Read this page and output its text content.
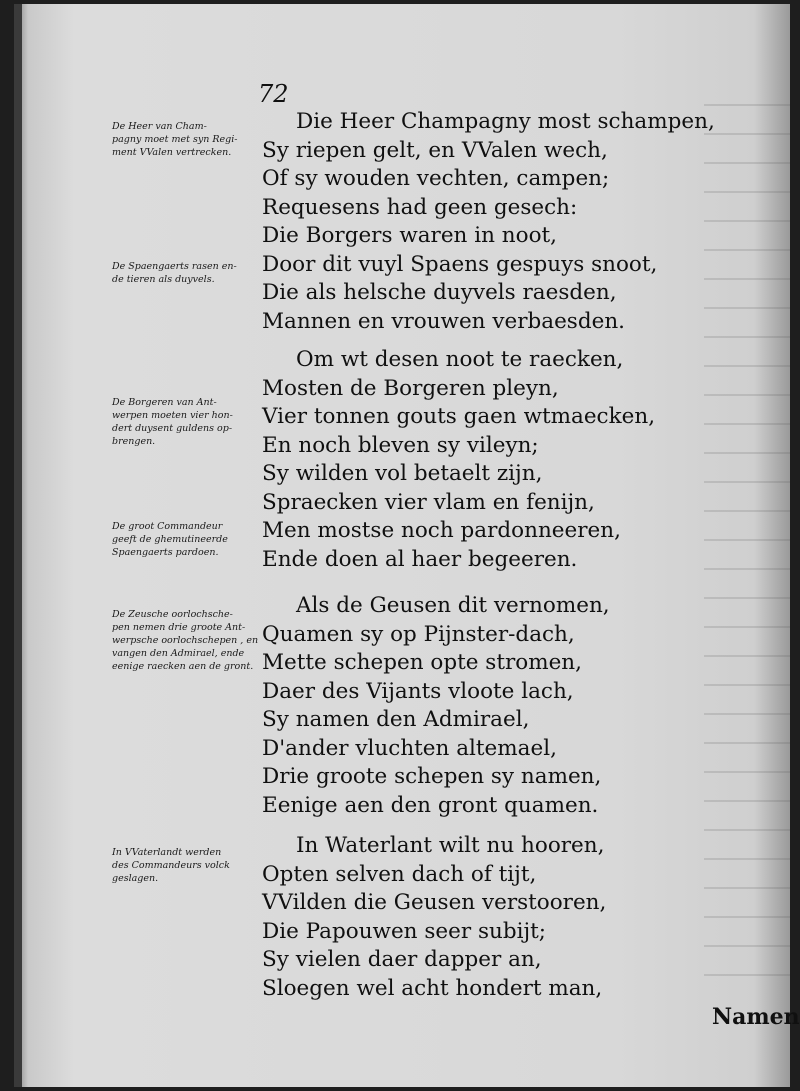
72
De Heer van Cham-
pagny moet met syn Regi-
ment VValen vertrecken.
De Spaengaerts rasen en-
de tieren als duyvels.
De Borgeren van Ant-
werpen moeten vier hon-
dert duysent guldens op-
brengen.
De groot Commandeur
geeft de ghemutineerde
Spaengaerts pardoen.
De Zeusche oorlochsche-
pen nemen drie groote Ant-
werpsche oorlochschepen , en
vangen den Admirael, ende
eenige raecken aen de gront.
In VVaterlandt werden
des Commandeurs volck
geslagen.
Die Heer Champagny most schampen,
Sy riepen gelt, en VValen wech,
Of sy wouden vechten, campen;
Requesens had geen gesech:
Die Borgers waren in noot,
Door dit vuyl Spaens gespuys snoot,
Die als helsche duyvels raesden,
Mannen en vrouwen verbaesden.
Om wt desen noot te raecken,
Mosten de Borgeren pleyn,
Vier tonnen gouts gaen wtmaecken,
En noch bleven sy vileyn;
Sy wilden vol betaelt zijn,
Spraecken vier vlam en fenijn,
Men mostse noch pardonneeren,
Ende doen al haer begeeren.
Als de Geusen dit vernomen,
Quamen sy op Pijnster-dach,
Mette schepen opte stromen,
Daer des Vijants vloote lach,
Sy namen den Admirael,
D'ander vluchten altemael,
Drie groote schepen sy namen,
Eenige aen den gront quamen.
In Waterlant wilt nu hooren,
Opten selven dach of tijt,
VVilden die Geusen verstooren,
Die Papouwen seer subijt;
Sy vielen daer dapper an,
Sloegen wel acht hondert man,
Namen
